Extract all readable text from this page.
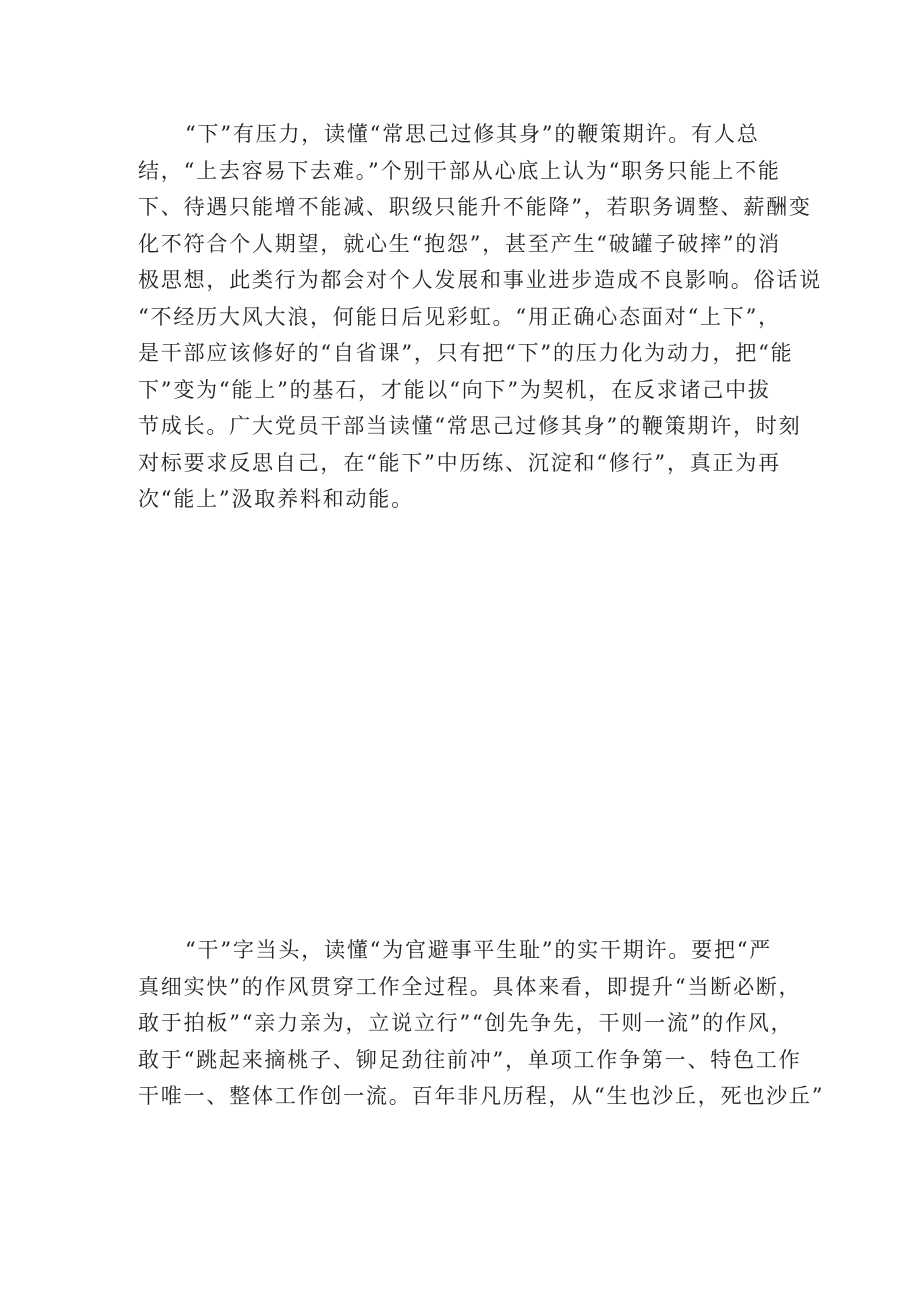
“下”有压力，读懂“常思己过修其身”的鞭策期许。有人总
结，“上去容易下去难。”个别干部从心底上认为“职务只能上不能
下、待遇只能增不能减、职级只能升不能降”，若职务调整、薪酬变
化不符合个人期望，就心生“抱怨”，甚至产生“破罐子破摔”的消
极思想，此类行为都会对个人发展和事业进步造成不良影响。俗话说
“不经历大风大浪，何能日后见彩虹。“用正确心态面对“上下”，
是干部应该修好的“自省课”，只有把“下”的压力化为动力，把“能
下”变为“能上”的基石，才能以“向下”为契机，在反求诸己中拔
节成长。广大党员干部当读懂“常思己过修其身”的鞭策期许，时刻
对标要求反思自己，在“能下”中历练、沉淀和“修行”，真正为再
次“能上”汲取养料和动能。
“干”字当头，读懂“为官避事平生耻”的实干期许。要把“严
真细实快”的作风贯穿工作全过程。具体来看，即提升“当断必断，
敢于拍板”“亲力亲为，立说立行”“创先争先，干则一流”的作风，
敢于“跳起来摘桃子、铆足劲往前冲”，单项工作争第一、特色工作
干唯一、整体工作创一流。百年非凡历程，从“生也沙丘，死也沙丘”
